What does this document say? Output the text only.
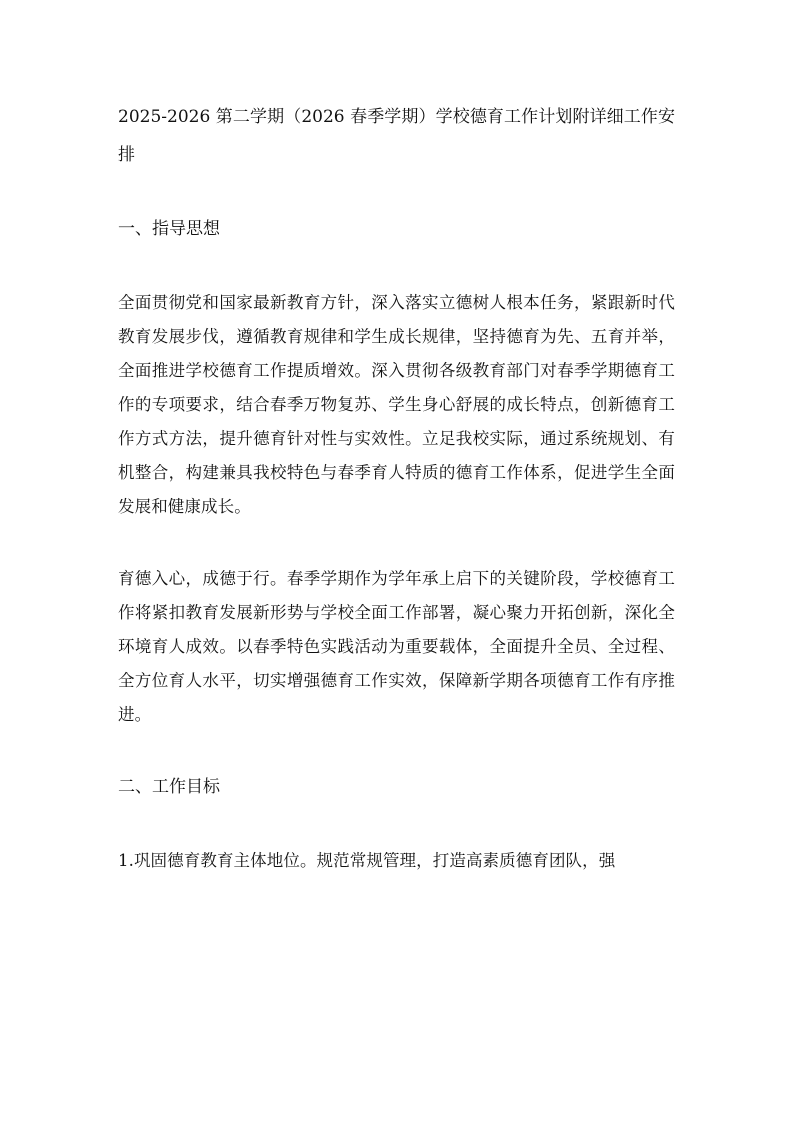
2025-2026 第二学期（2026 春季学期）学校德育工作计划附详细工作安排
一、指导思想

全面贯彻党和国家最新教育方针，深入落实立德树人根本任务，紧跟新时代教育发展步伐，遵循教育规律和学生成长规律，坚持德育为先、五育并举，全面推进学校德育工作提质增效。深入贯彻各级教育部门对春季学期德育工作的专项要求，结合春季万物复苏、学生身心舒展的成长特点，创新德育工作方式方法，提升德育针对性与实效性。立足我校实际，通过系统规划、有机整合，构建兼具我校特色与春季育人特质的德育工作体系，促进学生全面发展和健康成长。

育德入心，成德于行。春季学期作为学年承上启下的关键阶段，学校德育工作将紧扣教育发展新形势与学校全面工作部署，凝心聚力开拓创新，深化全环境育人成效。以春季特色实践活动为重要载体，全面提升全员、全过程、全方位育人水平，切实增强德育工作实效，保障新学期各项德育工作有序推进。

二、工作目标

1.巩固德育教育主体地位。规范常规管理，打造高素质德育团队，强
